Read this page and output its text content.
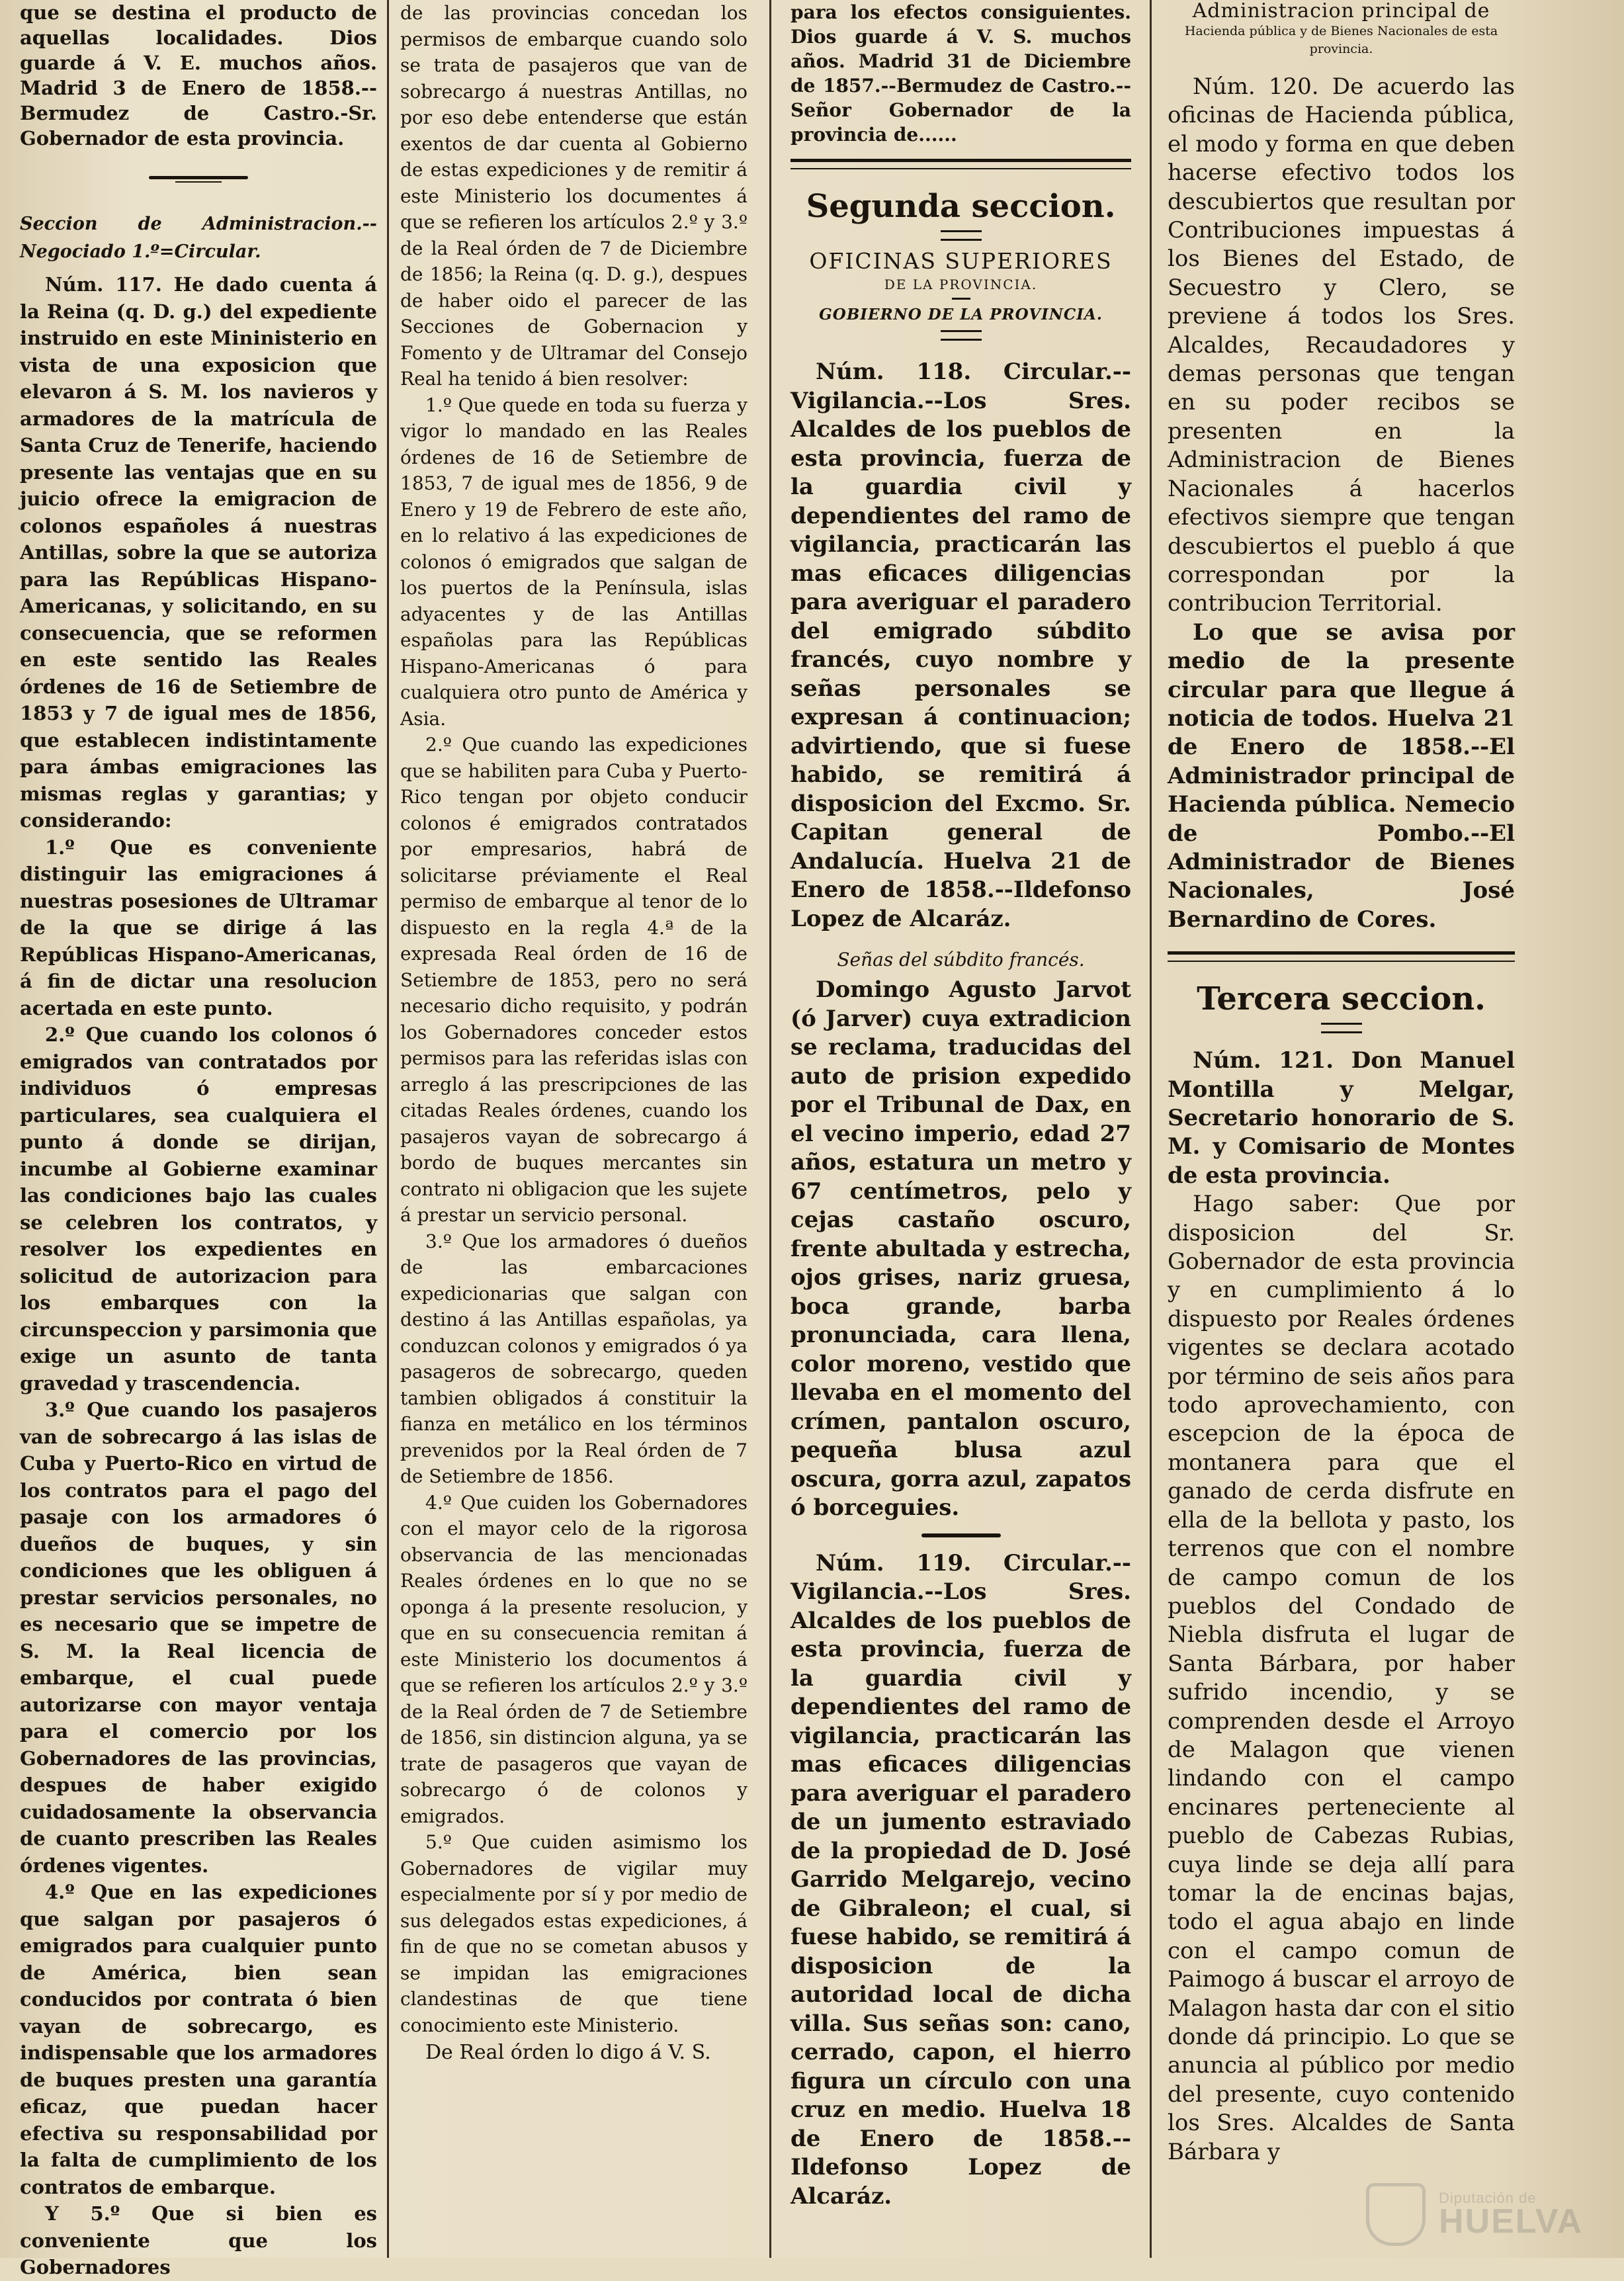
que se destina el producto de aquellas localidades. Dios guarde á V. E. muchos años. Madrid 3 de Enero de 1858.--Bermudez de Castro.-Sr. Gobernador de esta provincia.

Seccion de Administracion.--Negociado 1.º=Circular.

Núm. 117. He dado cuenta á la Reina (q. D. g.) del expediente instruido en este Mininisterio en vista de una exposicion que elevaron á S. M. los navieros y armadores de la matrícula de Santa Cruz de Tenerife, haciendo presente las ventajas que en su juicio ofrece la emigracion de colonos españoles á nuestras Antillas, sobre la que se autoriza para las Repúblicas Hispano-Americanas, y solicitando, en su consecuencia, que se reformen en este sentido las Reales órdenes de 16 de Setiembre de 1853 y 7 de igual mes de 1856, que establecen indistintamente para ámbas emigraciones las mismas reglas y garantias; y considerando:

1.º Que es conveniente distinguir las emigraciones á nuestras posesiones de Ultramar de la que se dirige á las Repúblicas Hispano-Americanas, á fin de dictar una resolucion acertada en este punto.

2.º Que cuando los colonos ó emigrados van contratados por individuos ó empresas particulares, sea cualquiera el punto á donde se dirijan, incumbe al Gobierne examinar las condiciones bajo las cuales se celebren los contratos, y resolver los expedientes en solicitud de autorizacion para los embarques con la circunspeccion y parsimonia que exige un asunto de tanta gravedad y trascendencia.

3.º Que cuando los pasajeros van de sobrecargo á las islas de Cuba y Puerto-Rico en virtud de los contratos para el pago del pasaje con los armadores ó dueños de buques, y sin condiciones que les obliguen á prestar servicios personales, no es necesario que se impetre de S. M. la Real licencia de embarque, el cual puede autorizarse con mayor ventaja para el comercio por los Gobernadores de las provincias, despues de haber exigido cuidadosamente la observancia de cuanto prescriben las Reales órdenes vigentes.

4.º Que en las expediciones que salgan por pasajeros ó emigrados para cualquier punto de América, bien sean conducidos por contrata ó bien vayan de sobrecargo, es indispensable que los armadores de buques presten una garantía eficaz, que puedan hacer efectiva su responsabilidad por la falta de cumplimiento de los contratos de embarque.

Y 5.º Que si bien es conveniente que los Gobernadores

de las provincias concedan los permisos de embarque cuando solo se trata de pasajeros que van de sobrecargo á nuestras Antillas, no por eso debe entenderse que están exentos de dar cuenta al Gobierno de estas expediciones y de remitir á este Ministerio los documentes á que se refieren los artículos 2.º y 3.º de la Real órden de 7 de Diciembre de 1856; la Reina (q. D. g.), despues de haber oido el parecer de las Secciones de Gobernacion y Fomento y de Ultramar del Consejo Real ha tenido á bien resolver:

1.º Que quede en toda su fuerza y vigor lo mandado en las Reales órdenes de 16 de Setiembre de 1853, 7 de igual mes de 1856, 9 de Enero y 19 de Febrero de este año, en lo relativo á las expediciones de colonos ó emigrados que salgan de los puertos de la Península, islas adyacentes y de las Antillas españolas para las Repúblicas Hispano-Americanas ó para cualquiera otro punto de América y Asia.

2.º Que cuando las expediciones que se habiliten para Cuba y Puerto-Rico tengan por objeto conducir colonos é emigrados contratados por empresarios, habrá de solicitarse préviamente el Real permiso de embarque al tenor de lo dispuesto en la regla 4.ª de la expresada Real órden de 16 de Setiembre de 1853, pero no será necesario dicho requisito, y podrán los Gobernadores conceder estos permisos para las referidas islas con arreglo á las prescripciones de las citadas Reales órdenes, cuando los pasajeros vayan de sobrecargo á bordo de buques mercantes sin contrato ni obligacion que les sujete á prestar un servicio personal.

3.º Que los armadores ó dueños de las embarcaciones expedicionarias que salgan con destino á las Antillas españolas, ya conduzcan colonos y emigrados ó ya pasageros de sobrecargo, queden tambien obligados á constituir la fianza en metálico en los términos prevenidos por la Real órden de 7 de Setiembre de 1856.

4.º Que cuiden los Gobernadores con el mayor celo de la rigorosa observancia de las mencionadas Reales órdenes en lo que no se oponga á la presente resolucion, y que en su consecuencia remitan á este Ministerio los documentos á que se refieren los artículos 2.º y 3.º de la Real órden de 7 de Setiembre de 1856, sin distincion alguna, ya se trate de pasageros que vayan de sobrecargo ó de colonos y emigrados.

5.º Que cuiden asimismo los Gobernadores de vigilar muy especialmente por sí y por medio de sus delegados estas expediciones, á fin de que no se cometan abusos y se impidan las emigraciones clandestinas de que tiene conocimiento este Ministerio.

De Real órden lo digo á V. S.

para los efectos consiguientes. Dios guarde á V. S. muchos años. Madrid 31 de Diciembre de 1857.--Bermudez de Castro.--Señor Gobernador de la provincia de......

Segunda seccion.
OFICINAS SUPERIORES
DE LA PROVINCIA.
GOBIERNO DE LA PROVINCIA.

Núm. 118. Circular.--Vigilancia.--Los Sres. Alcaldes de los pueblos de esta provincia, fuerza de la guardia civil y dependientes del ramo de vigilancia, practicarán las mas eficaces diligencias para averiguar el paradero del emigrado súbdito francés, cuyo nombre y señas personales se expresan á continuacion; advirtiendo, que si fuese habido, se remitirá á disposicion del Excmo. Sr. Capitan general de Andalucía. Huelva 21 de Enero de 1858.--Ildefonso Lopez de Alcaráz.

Señas del súbdito francés.

Domingo Agusto Jarvot (ó Jarver) cuya extradicion se reclama, traducidas del auto de prision expedido por el Tribunal de Dax, en el vecino imperio, edad 27 años, estatura un metro y 67 centímetros, pelo y cejas castaño oscuro, frente abultada y estrecha, ojos grises, nariz gruesa, boca grande, barba pronunciada, cara llena, color moreno, vestido que llevaba en el momento del crímen, pantalon oscuro, pequeña blusa azul oscura, gorra azul, zapatos ó borceguies.

Núm. 119. Circular.--Vigilancia.--Los Sres. Alcaldes de los pueblos de esta provincia, fuerza de la guardia civil y dependientes del ramo de vigilancia, practicarán las mas eficaces diligencias para averiguar el paradero de un jumento estraviado de la propiedad de D. José Garrido Melgarejo, vecino de Gibraleon; el cual, si fuese habido, se remitirá á disposicion de la autoridad local de dicha villa. Sus señas son: cano, cerrado, capon, el hierro figura un círculo con una cruz en medio. Huelva 18 de Enero de 1858.--Ildefonso Lopez de Alcaráz.

Administracion principal de
Hacienda pública y de Bienes Nacionales de esta provincia.

Núm. 120. De acuerdo las oficinas de Hacienda pública, el modo y forma en que deben hacerse efectivo todos los descubiertos que resultan por Contribuciones impuestas á los Bienes del Estado, de Secuestro y Clero, se previene á todos los Sres. Alcaldes, Recaudadores y demas personas que tengan en su poder recibos se presenten en la Administracion de Bienes Nacionales á hacerlos efectivos siempre que tengan descubiertos el pueblo á que correspondan por la contribucion Territorial.

Lo que se avisa por medio de la presente circular para que llegue á noticia de todos. Huelva 21 de Enero de 1858.--El Administrador principal de Hacienda pública. Nemecio de Pombo.--El Administrador de Bienes Nacionales, José Bernardino de Cores.

Tercera seccion.

Núm. 121. Don Manuel Montilla y Melgar, Secretario honorario de S. M. y Comisario de Montes de esta provincia.

Hago saber: Que por disposicion del Sr. Gobernador de esta provincia y en cumplimiento á lo dispuesto por Reales órdenes vigentes se declara acotado por término de seis años para todo aprovechamiento, con escepcion de la época de montanera para que el ganado de cerda disfrute en ella de la bellota y pasto, los terrenos que con el nombre de campo comun de los pueblos del Condado de Niebla disfruta el lugar de Santa Bárbara, por haber sufrido incendio, y se comprenden desde el Arroyo de Malagon que vienen lindando con el campo encinares perteneciente al pueblo de Cabezas Rubias, cuya linde se deja allí para tomar la de encinas bajas, todo el agua abajo en linde con el campo comun de Paimogo á buscar el arroyo de Malagon hasta dar con el sitio donde dá principio. Lo que se anuncia al público por medio del presente, cuyo contenido los Sres. Alcaldes de Santa Bárbara y

Diputación de
HUELVA
